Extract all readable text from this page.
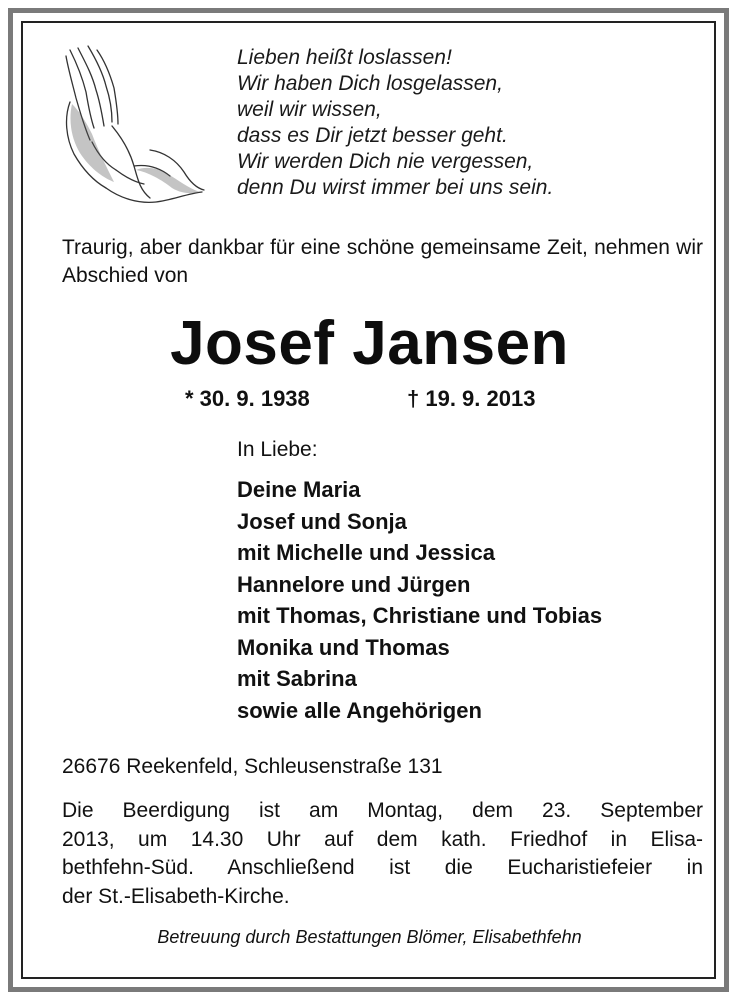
Lieben heißt loslassen!
Wir haben Dich losgelassen,
weil wir wissen,
dass es Dir jetzt besser geht.
Wir werden Dich nie vergessen,
denn Du wirst immer bei uns sein.
Traurig, aber dankbar für eine schöne gemeinsame Zeit, nehmen wir Abschied von
Josef Jansen
* 30. 9. 1938	† 19. 9. 2013
In Liebe:
Deine Maria
Josef und Sonja
mit Michelle und Jessica
Hannelore und Jürgen
mit Thomas, Christiane und Tobias
Monika und Thomas
mit Sabrina
sowie alle Angehörigen
26676 Reekenfeld, Schleusenstraße 131
Die Beerdigung ist am Montag, dem 23. September
2013, um 14.30 Uhr auf dem kath. Friedhof in Elisa-
bethfehn-Süd. Anschließend ist die Eucharistiefeier in
der St.-Elisabeth-Kirche.
Betreuung durch Bestattungen Blömer, Elisabethfehn
